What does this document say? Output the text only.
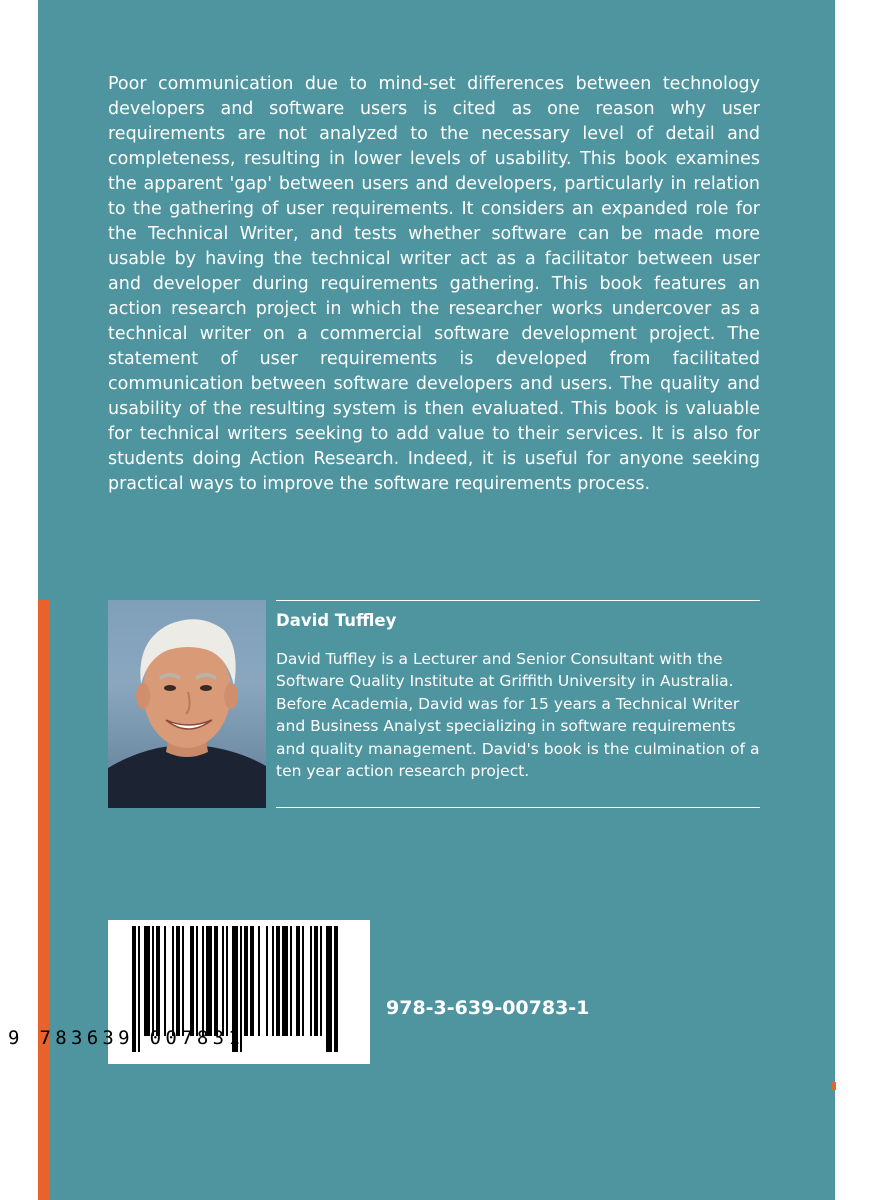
Poor communication due to mind-set differences between technology developers and software users is cited as one reason why user requirements are not analyzed to the necessary level of detail and completeness, resulting in lower levels of usability. This book examines the apparent 'gap' between users and developers, particularly in relation to the gathering of user requirements. It considers an expanded role for the Technical Writer, and tests whether software can be made more usable by having the technical writer act as a facilitator between user and developer during requirements gathering. This book features an action research project in which the researcher works undercover as a technical writer on a commercial software development project. The statement of user requirements is developed from facilitated communication between software developers and users. The quality and usability of the resulting system is then evaluated. This book is valuable for technical writers seeking to add value to their services. It is also for students doing Action Research. Indeed, it is useful for anyone seeking practical ways to improve the software requirements process.

David Tuffley

David Tuffley is a Lecturer and Senior Consultant with the Software Quality Institute at Griffith University in Australia. Before Academia, David was for 15 years a Technical Writer and Business Analyst specializing in software requirements and quality management. David's book is the culmination of a ten year action research project.

9 783639 007831

978-3-639-00783-1
